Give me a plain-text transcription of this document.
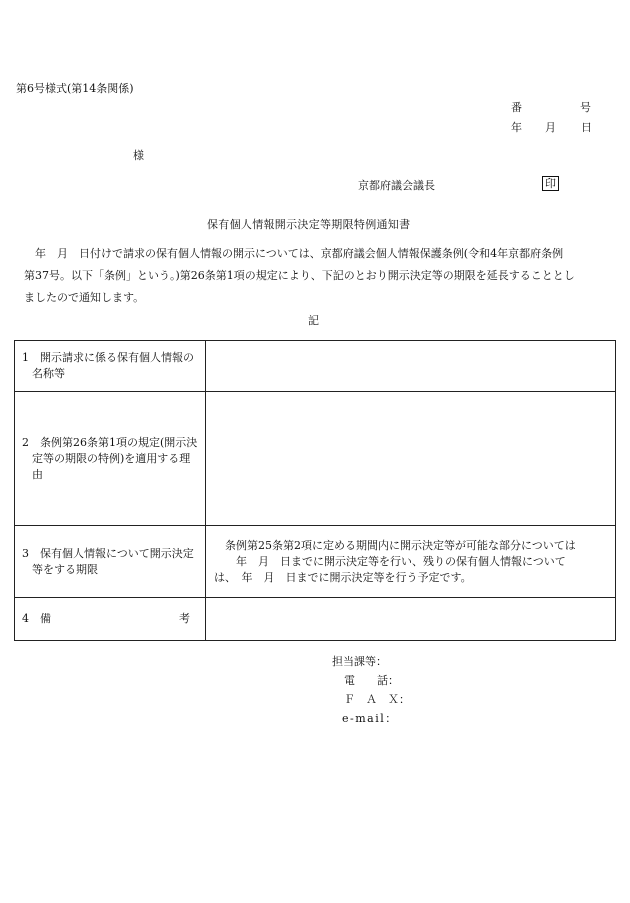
第6号様式(第14条関係)
番	号
年 月 日
様
京都府議会議長	印
保有個人情報開示決定等期限特例通知書

　年　月　日付けで請求の保有個人情報の開示については、京都府議会個人情報保護条例(令和4年京都府条例

第37号。以下「条例」という。)第26条第1項の規定により、下記のとおり開示決定等の期限を延長することとし

ましたので通知します。

記
1　開示請求に係る保有個人情報の名称等	

2　条例第26条第1項の規定(開示決定等の期限の特例)を適用する理由	

3　保有個人情報について開示決定等をする期限	　条例第25条第2項に定める期間内に開示決定等が可能な部分については
　　年　月　日までに開示決定等を行い、残りの保有個人情報について
は、　年　月　日までに開示決定等を行う予定です。

4　備 考	

担当課等：
電　　話：
Ｆ　Ａ　Ｘ：
e-mail：
